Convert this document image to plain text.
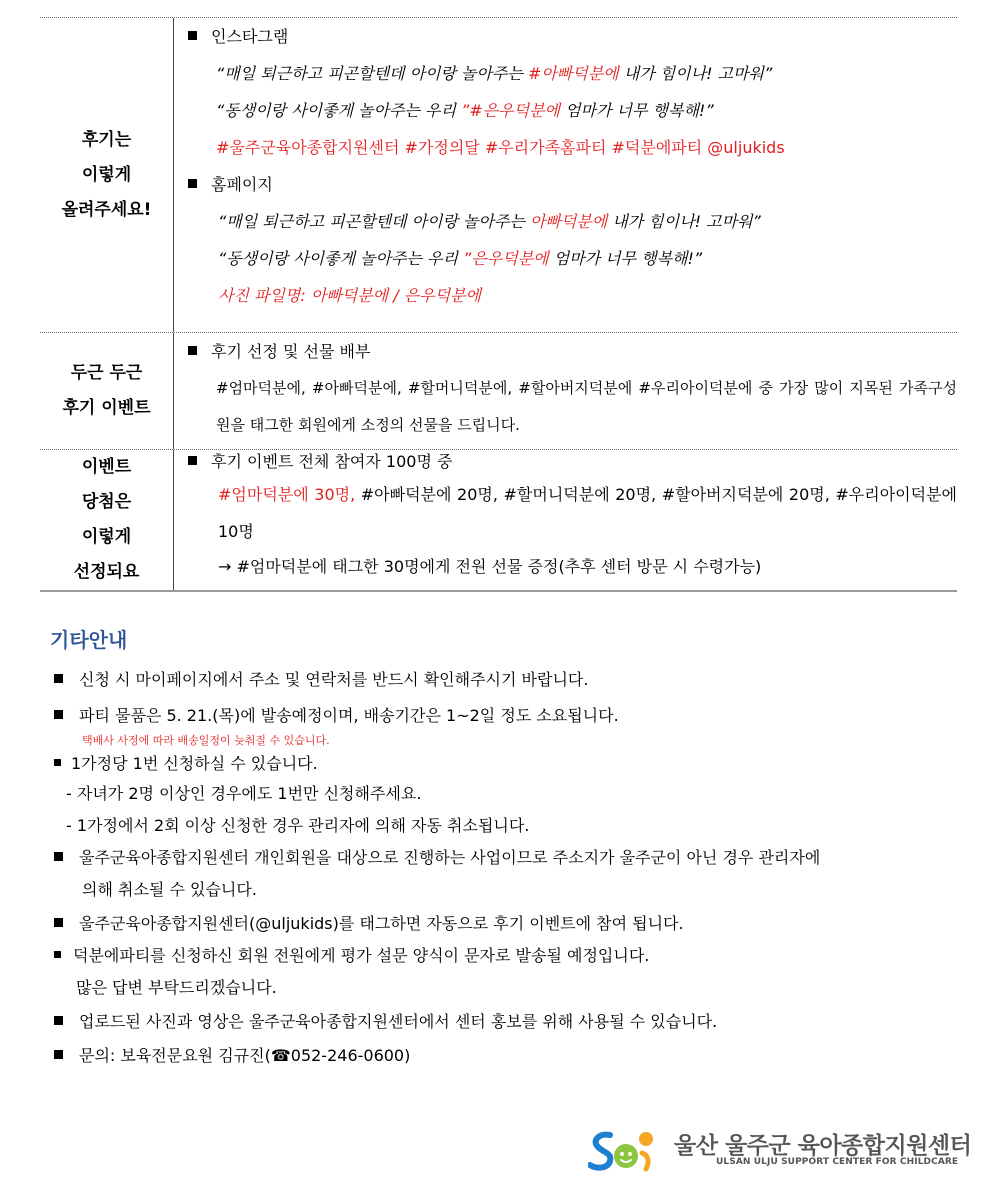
후기는
이렇게
올려주세요!
인스타그램
“매일 퇴근하고 피곤할텐데 아이랑 놀아주는 #아빠덕분에 내가 힘이나! 고마워”
“동생이랑 사이좋게 놀아주는 우리 ”#은우덕분에 엄마가 너무 행복해!”
#울주군육아종합지원센터 #가정의달 #우리가족홈파티 #덕분에파티 @uljukids
홈페이지
“매일 퇴근하고 피곤할텐데 아이랑 놀아주는 아빠덕분에 내가 힘이나! 고마워”
“동생이랑 사이좋게 놀아주는 우리 ”은우덕분에 엄마가 너무 행복해!”
사진 파일명: 아빠덕분에 / 은우덕분에
두근 두근
후기 이벤트
후기 선정 및 선물 배부
#엄마덕분에, #아빠덕분에, #할머니덕분에, #할아버지덕분에 #우리아이덕분에 중 가장 많이 지목된 가족구성원을 태그한 회원에게 소정의 선물을 드립니다.
이벤트
당첨은
이렇게
선정되요
후기 이벤트 전체 참여자 100명 중
#엄마덕분에 30명, #아빠덕분에 20명, #할머니덕분에 20명, #할아버지덕분에 20명, #우리아이덕분에 10명
→ #엄마덕분에 태그한 30명에게 전원 선물 증정(추후 센터 방문 시 수령가능)
기타안내
신청 시 마이페이지에서 주소 및 연락처를 반드시 확인해주시기 바랍니다.
파티 물품은 5. 21.(목)에 발송예정이며, 배송기간은 1~2일 정도 소요됩니다.
택배사 사정에 따라 배송일정이 늦춰질 수 있습니다.
1가정당 1번 신청하실 수 있습니다.
- 자녀가 2명 이상인 경우에도 1번만 신청해주세요.
- 1가정에서 2회 이상 신청한 경우 관리자에 의해 자동 취소됩니다.
울주군육아종합지원센터 개인회원을 대상으로 진행하는 사업이므로 주소지가 울주군이 아닌 경우 관리자에
의해 취소될 수 있습니다.
울주군육아종합지원센터(@uljukids)를 태그하면 자동으로 후기 이벤트에 참여 됩니다.
덕분에파티를 신청하신 회원 전원에게 평가 설문 양식이 문자로 발송될 예정입니다.
많은 답변 부탁드리겠습니다.
업로드된 사진과 영상은 울주군육아종합지원센터에서 센터 홍보를 위해 사용될 수 있습니다.
문의: 보육전문요원 김규진(☎052-246-0600)
울산 울주군 육아종합지원센터
ULSAN ULJU SUPPORT CENTER FOR CHILDCARE
